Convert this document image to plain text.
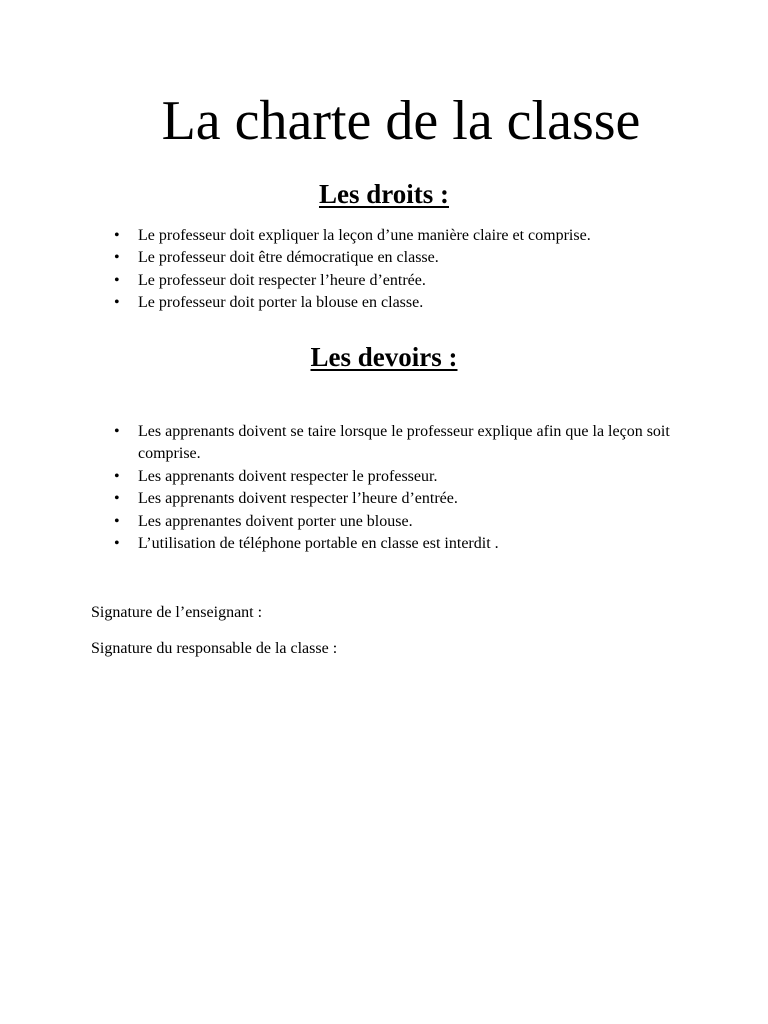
La charte de la classe
Les droits :
• Le professeur doit expliquer la leçon d’une manière claire et comprise.
• Le professeur doit être démocratique en classe.
• Le professeur doit respecter l’heure d’entrée.
• Le professeur doit porter la blouse en classe.
Les devoirs :
• Les apprenants doivent se taire lorsque le professeur explique afin que la leçon soit comprise.
• Les apprenants doivent respecter le professeur.
• Les apprenants doivent respecter l’heure d’entrée.
• Les apprenantes doivent porter une blouse.
• L’utilisation de téléphone portable en classe est interdit .

Signature de l’enseignant :

Signature du responsable de la classe :
